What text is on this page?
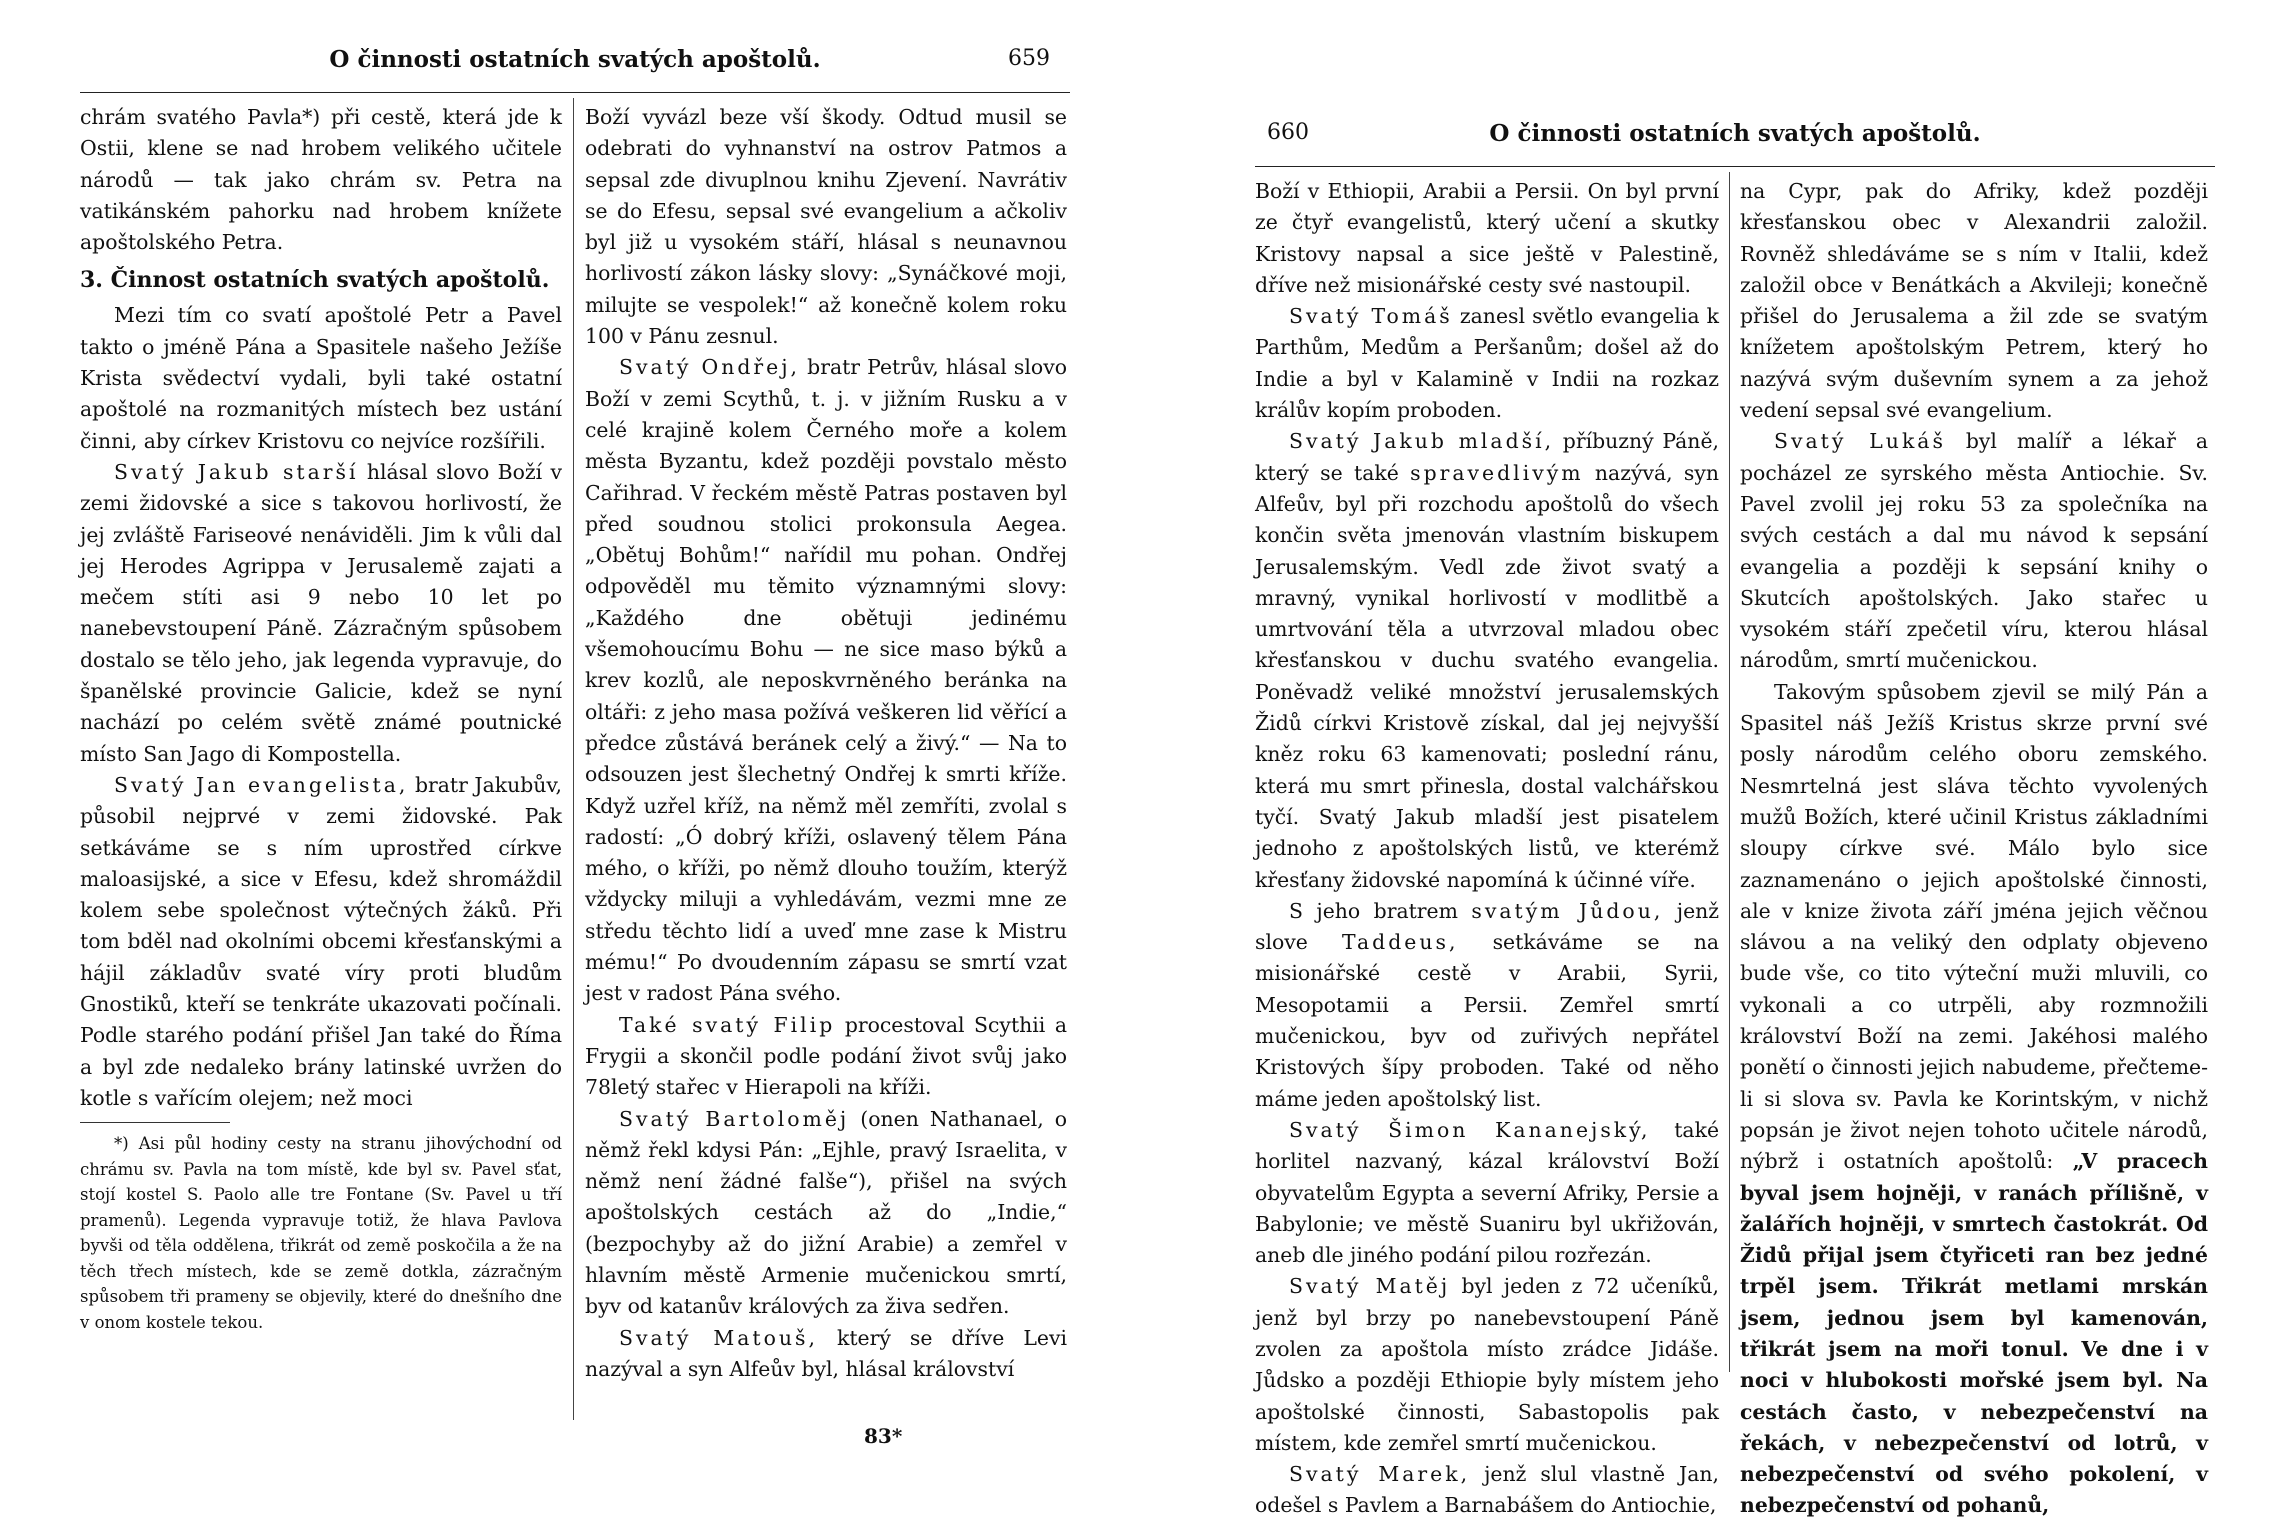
O činnosti ostatních svatých apoštolů.	659

chrám svatého Pavla*) při cestě, která jde k Ostii, klene se nad hrobem velikého učitele národů — tak jako chrám sv. Petra na vatikánském pahorku nad hrobem knížete apoštolského Petra.

3. Činnost ostatních svatých apoštolů.

Mezi tím co svatí apoštolé Petr a Pavel takto o jméně Pána a Spasitele našeho Ježíše Krista svědectví vydali, byli také ostatní apoštolé na rozmanitých místech bez ustání činni, aby církev Kristovu co nejvíce rozšířili.

Svatý Jakub starší hlásal slovo Boží v zemi židovské a sice s takovou horlivostí, že jej zvláště Fariseové nenáviděli. Jim k vůli dal jej Herodes Agrippa v Jerusalemě zajati a mečem stíti asi 9 nebo 10 let po nanebevstoupení Páně. Zázračným spůsobem dostalo se tělo jeho, jak legenda vypravuje, do španělské provincie Galicie, kdež se nyní nachází po celém světě známé poutnické místo San Jago di Kompostella.

Svatý Jan evangelista, bratr Jakubův, působil nejprvé v zemi židovské. Pak setkáváme se s ním uprostřed církve maloasijské, a sice v Efesu, kdež shromáždil kolem sebe společnost výtečných žáků. Při tom bděl nad okolními obcemi křesťanskými a hájil základův svaté víry proti bludům Gnostiků, kteří se tenkráte ukazovati počínali. Podle starého podání přišel Jan také do Říma a byl zde nedaleko brány latinské uvržen do kotle s vařícím olejem; než moci

*) Asi půl hodiny cesty na stranu jihovýchodní od chrámu sv. Pavla na tom místě, kde byl sv. Pavel sťat, stojí kostel S. Paolo alle tre Fontane (Sv. Pavel u tří pramenů). Legenda vypravuje totiž, že hlava Pavlova byvši od těla oddělena, třikrát od země poskočila a že na těch třech místech, kde se země dotkla, zázračným spůsobem tři prameny se objevily, které do dnešního dne v onom kostele tekou.

Boží vyvázl beze vší škody. Odtud musil se odebrati do vyhnanství na ostrov Patmos a sepsal zde divuplnou knihu Zjevení. Navrátiv se do Efesu, sepsal své evangelium a ačkoliv byl již u vysokém stáří, hlásal s neunavnou horlivostí zákon lásky slovy: „Synáčkové moji, milujte se vespolek!“ až konečně kolem roku 100 v Pánu zesnul.

Svatý Ondřej, bratr Petrův, hlásal slovo Boží v zemi Scythů, t. j. v jižním Rusku a v celé krajině kolem Černého moře a kolem města Byzantu, kdež později povstalo město Cařihrad. V řeckém městě Patras postaven byl před soudnou stolici prokonsula Aegea. „Obětuj Bohům!“ nařídil mu pohan. Ondřej odpověděl mu těmito významnými slovy: „Každého dne obětuji jedinému všemohoucímu Bohu — ne sice maso býků a krev kozlů, ale neposkvrněného beránka na oltáři: z jeho masa požívá veškeren lid věřící a předce zůstává beránek celý a živý.“ — Na to odsouzen jest šlechetný Ondřej k smrti kříže. Když uzřel kříž, na němž měl zemříti, zvolal s radostí: „Ó dobrý kříži, oslavený tělem Pána mého, o kříži, po němž dlouho toužím, kterýž vždycky miluji a vyhledávám, vezmi mne ze středu těchto lidí a uveď mne zase k Mistru mému!“ Po dvoudenním zápasu se smrtí vzat jest v radost Pána svého.

Také svatý Filip procestoval Scythii a Frygii a skončil podle podání život svůj jako 78letý stařec v Hierapoli na kříži.

Svatý Bartoloměj (onen Nathanael, o němž řekl kdysi Pán: „Ejhle, pravý Israelita, v němž není žádné falše“), přišel na svých apoštolských cestách až do „Indie,“ (bezpochyby až do jižní Arabie) a zemřel v hlavním městě Armenie mučenickou smrtí, byv od katanův králových za živa sedřen.

Svatý Matouš, který se dříve Levi nazýval a syn Alfeův byl, hlásal království

83*
660	O činnosti ostatních svatých apoštolů.

Boží v Ethiopii, Arabii a Persii. On byl první ze čtyř evangelistů, který učení a skutky Kristovy napsal a sice ještě v Palestině, dříve než misionářské cesty své nastoupil.

Svatý Tomáš zanesl světlo evangelia k Parthům, Medům a Peršanům; došel až do Indie a byl v Kalamině v Indii na rozkaz králův kopím proboden.

Svatý Jakub mladší, příbuzný Páně, který se také spravedlivým nazývá, syn Alfeův, byl při rozchodu apoštolů do všech končin světa jmenován vlastním biskupem Jerusalemským. Vedl zde život svatý a mravný, vynikal horlivostí v modlitbě a umrtvování těla a utvrzoval mladou obec křesťanskou v duchu svatého evangelia. Poněvadž veliké množství jerusalemských Židů církvi Kristově získal, dal jej nejvyšší kněz roku 63 kamenovati; poslední ránu, která mu smrt přinesla, dostal valchářskou tyčí. Svatý Jakub mladší jest pisatelem jednoho z apoštolských listů, ve kterémž křesťany židovské napomíná k účinné víře.

S jeho bratrem svatým Jůdou, jenž slove Taddeus, setkáváme se na misionářské cestě v Arabii, Syrii, Mesopotamii a Persii. Zemřel smrtí mučenickou, byv od zuřivých nepřátel Kristových šípy proboden. Také od něho máme jeden apoštolský list.

Svatý Šimon Kananejský, také horlitel nazvaný, kázal království Boží obyvatelům Egypta a severní Afriky, Persie a Babylonie; ve městě Suaniru byl ukřižován, aneb dle jiného podání pilou rozřezán.

Svatý Matěj byl jeden z 72 učeníků, jenž byl brzy po nanebevstoupení Páně zvolen za apoštola místo zrádce Jidáše. Jůdsko a později Ethiopie byly místem jeho apoštolské činnosti, Sabastopolis pak místem, kde zemřel smrtí mučenickou.

Svatý Marek, jenž slul vlastně Jan, odešel s Pavlem a Barnabášem do Antiochie,

na Cypr, pak do Afriky, kdež později křesťanskou obec v Alexandrii založil. Rovněž shledáváme se s ním v Italii, kdež založil obce v Benátkách a Akvileji; konečně přišel do Jerusalema a žil zde se svatým knížetem apoštolským Petrem, který ho nazývá svým duševním synem a za jehož vedení sepsal své evangelium.

Svatý Lukáš byl malíř a lékař a pocházel ze syrského města Antiochie. Sv. Pavel zvolil jej roku 53 za společníka na svých cestách a dal mu návod k sepsání evangelia a později k sepsání knihy o Skutcích apoštolských. Jako stařec u vysokém stáří zpečetil víru, kterou hlásal národům, smrtí mučenickou.

Takovým spůsobem zjevil se milý Pán a Spasitel náš Ježíš Kristus skrze první své posly národům celého oboru zemského. Nesmrtelná jest sláva těchto vyvolených mužů Božích, které učinil Kristus základními sloupy církve své. Málo bylo sice zaznamenáno o jejich apoštolské činnosti, ale v knize života září jména jejich věčnou slávou a na veliký den odplaty objeveno bude vše, co tito výteční muži mluvili, co vykonali a co utrpěli, aby rozmnožili království Boží na zemi. Jakéhosi malého ponětí o činnosti jejich nabudeme, přečteme-li si slova sv. Pavla ke Korintským, v nichž popsán je život nejen tohoto učitele národů, nýbrž i ostatních apoštolů: „V pracech byval jsem hojněji, v ranách přílišně, v žalářích hojněji, v smrtech častokrát. Od Židů přijal jsem čtyřiceti ran bez jedné trpěl jsem. Třikrát metlami mrskán jsem, jednou jsem byl kamenován, třikrát jsem na moři tonul. Ve dne i v noci v hlubokosti mořské jsem byl. Na cestách často, v nebezpečenství na řekách, v nebezpečenství od lotrů, v nebezpečenství od svého pokolení, v nebezpečenství od pohanů,
